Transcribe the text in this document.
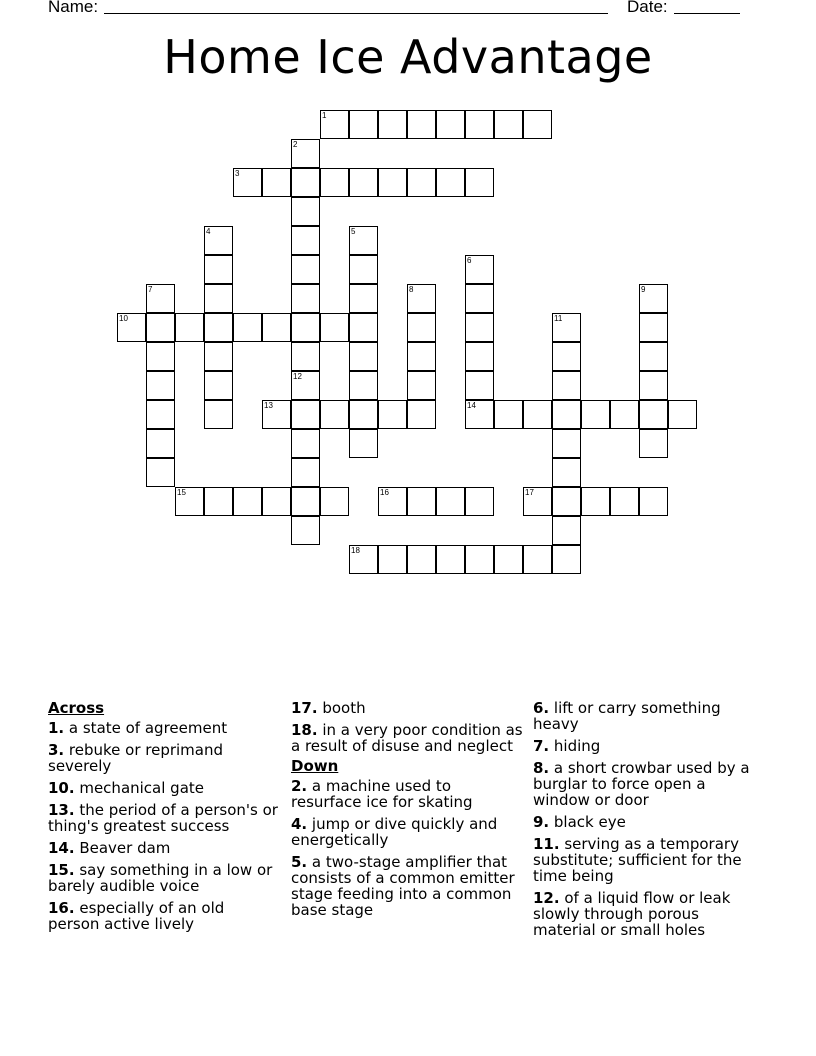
Name:	Date:
Home Ice Advantage
1
2
12
3
4	5
6
7	8	9
10	11
13	14
15	16	17
18
Across
1. a state of agreement
3. rebuke or reprimand severely
10. mechanical gate
13. the period of a person's or thing's greatest success
14. Beaver dam
15. say something in a low or barely audible voice
16. especially of an old person active lively
17. booth
18. in a very poor condition as a result of disuse and neglect
Down
2. a machine used to resurface ice for skating
4. jump or dive quickly and energetically
5. a two-stage amplifier that consists of a common emitter stage feeding into a common base stage
6. lift or carry something heavy
7. hiding
8. a short crowbar used by a burglar to force open a window or door
9. black eye
11. serving as a temporary substitute; sufficient for the time being
12. of a liquid flow or leak slowly through porous material or small holes
